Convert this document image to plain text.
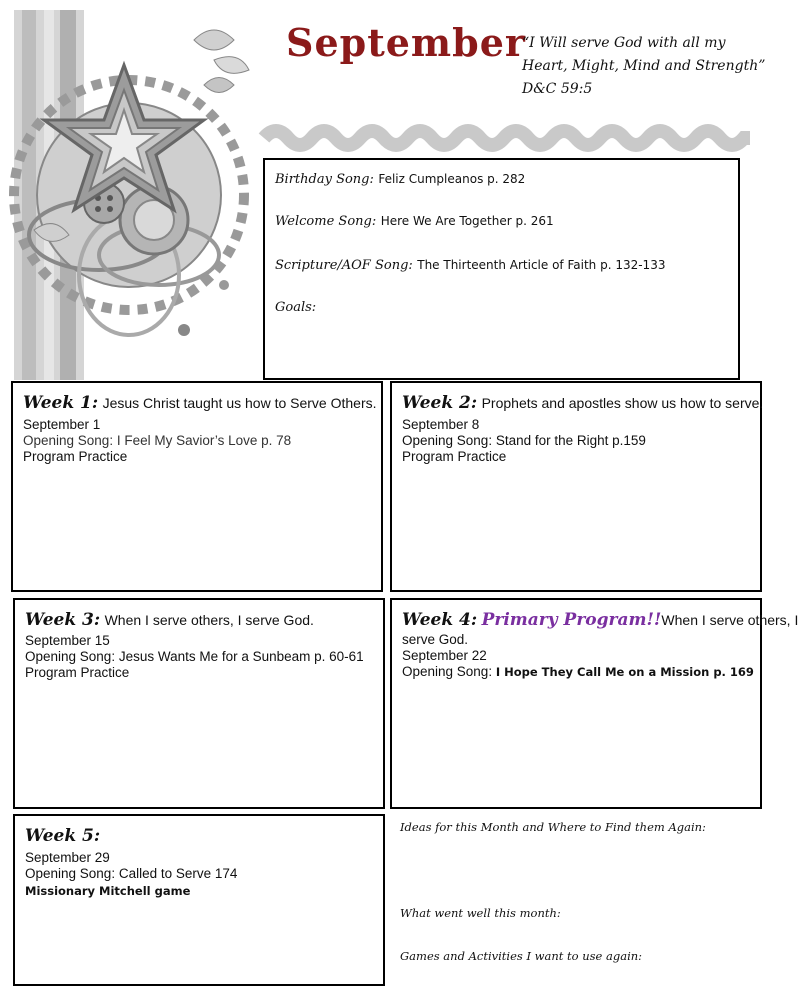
September
“I Will serve God with all my
Heart, Might, Mind and Strength”
D&C 59:5
Birthday Song: Feliz Cumpleanos p. 282
Welcome Song: Here We Are Together p. 261
Scripture/AOF Song: The Thirteenth Article of Faith p. 132-133
Goals:
Week 1: Jesus Christ taught us how to Serve Others.
September 1
Opening Song: I Feel My Savior’s Love p. 78
Program Practice
Week 2: Prophets and apostles show us how to serve.
September 8
Opening Song: Stand for the Right p.159
Program Practice
Week 3: When I serve others, I serve God.
September 15
Opening Song: Jesus Wants Me for a Sunbeam p. 60-61
Program Practice
Week 4: Primary Program!!When I serve others, I
serve God.
September 22
Opening Song: I Hope They Call Me on a Mission p. 169
Week 5:
September 29
Opening Song: Called to Serve 174
Missionary Mitchell game
Ideas for this Month and Where to Find them Again:
What went well this month:
Games and Activities I want to use again:
